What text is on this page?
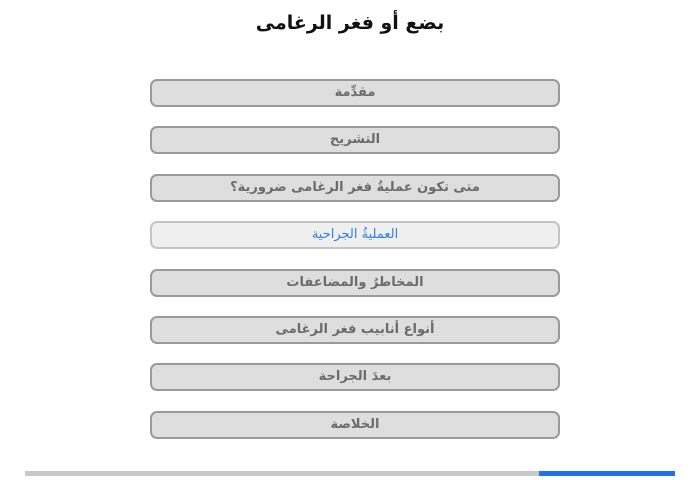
بضع أو فغر الرغامى
مقدِّمة
التشريح
متى تكون عمليةُ فغر الرغامى ضرورية؟
العمليةُ الجراحية
المخاطرُ والمضاعفات
أنواع أنابيب فغر الرغامى
بعدَ الجراحة
الخلاصة
